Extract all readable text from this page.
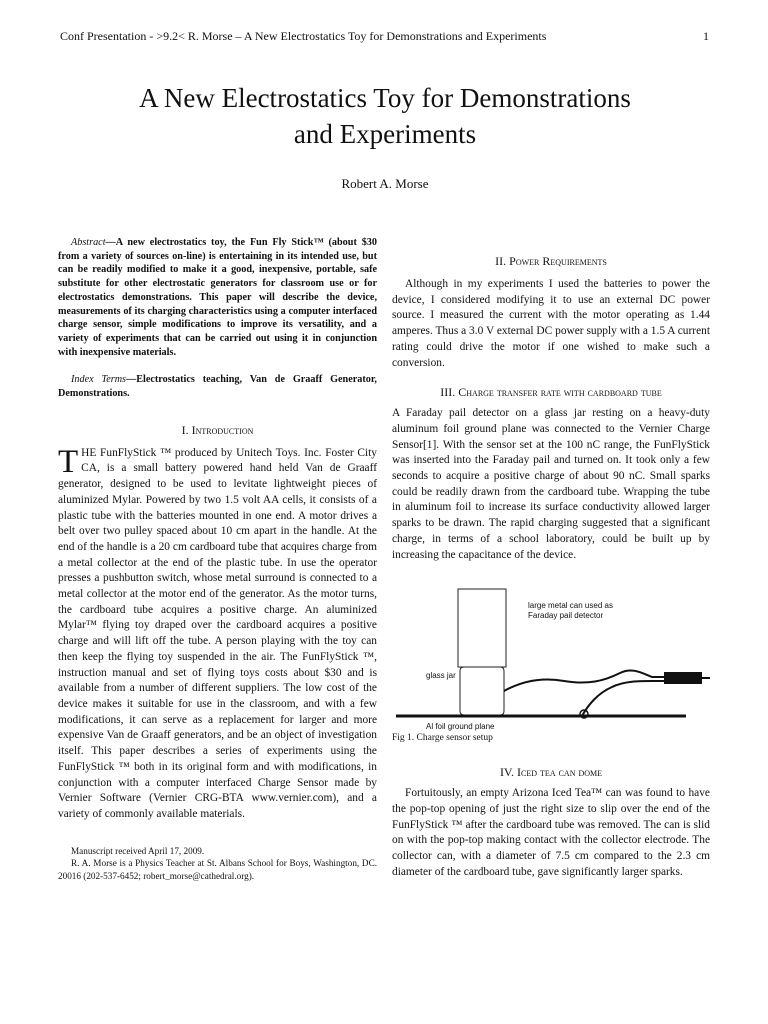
Conf Presentation - >9.2< R. Morse – A New Electrostatics Toy for Demonstrations and Experiments	1
A New Electrostatics Toy for Demonstrations
and Experiments
Robert A. Morse

Abstract—A new electrostatics toy, the Fun Fly Stick™ (about $30 from a variety of sources on-line) is entertaining in its intended use, but can be readily modified to make it a good, inexpensive, portable, safe substitute for other electrostatic generators for classroom use or for electrostatics demonstrations. This paper will describe the device, measurements of its charging characteristics using a computer interfaced charge sensor, simple modifications to improve its versatility, and a variety of experiments that can be carried out using it in conjunction with inexpensive materials.

Index Terms—Electrostatics teaching, Van de Graaff Generator, Demonstrations.

I. Introduction

THE FunFlyStick ™ produced by Unitech Toys. Inc. Foster City CA, is a small battery powered hand held Van de Graaff generator, designed to be used to levitate lightweight pieces of aluminized Mylar. Powered by two 1.5 volt AA cells, it consists of a plastic tube with the batteries mounted in one end. A motor drives a belt over two pulley spaced about 10 cm apart in the handle. At the end of the handle is a 20 cm cardboard tube that acquires charge from a metal collector at the end of the plastic tube. In use the operator presses a pushbutton switch, whose metal surround is connected to a metal collector at the motor end of the generator. As the motor turns, the cardboard tube acquires a positive charge. An aluminized Mylar™ flying toy draped over the cardboard acquires a positive charge and will lift off the tube. A person playing with the toy can then keep the flying toy suspended in the air. The FunFlyStick ™, instruction manual and set of flying toys costs about $30 and is available from a number of different suppliers. The low cost of the device makes it suitable for use in the classroom, and with a few modifications, it can serve as a replacement for larger and more expensive Van de Graaff generators, and be an object of investigation itself. This paper describes a series of experiments using the FunFlyStick ™ both in its original form and with modifications, in conjunction with a computer interfaced Charge Sensor made by Vernier Software (Vernier CRG-BTA www.vernier.com), and a variety of commonly available materials.

Manuscript received April 17, 2009.

R. A. Morse is a Physics Teacher at St. Albans School for Boys, Washington, DC. 20016 (202-537-6452; robert_morse@cathedral.org).

II. Power Requirements

Although in my experiments I used the batteries to power the device, I considered modifying it to use an external DC power source. I measured the current with the motor operating as 1.44 amperes. Thus a 3.0 V external DC power supply with a 1.5 A current rating could drive the motor if one wished to make such a conversion.

III. Charge transfer rate with cardboard tube

A Faraday pail detector on a glass jar resting on a heavy-duty aluminum foil ground plane was connected to the Vernier Charge Sensor[1]. With the sensor set at the 100 nC range, the FunFlyStick was inserted into the Faraday pail and turned on. It took only a few seconds to acquire a positive charge of about 90 nC. Small sparks could be readily drawn from the cardboard tube. Wrapping the tube in aluminum foil to increase its surface conductivity allowed larger sparks to be drawn. The rapid charging suggested that a significant charge, in terms of a school laboratory, could be built up by increasing the capacitance of the device.

large metal can used as
Faraday pail detector
glass jar
Al foil ground plane
Fig 1. Charge sensor setup
IV. Iced tea can dome

Fortuitously, an empty Arizona Iced Tea™ can was found to have the pop-top opening of just the right size to slip over the end of the FunFlyStick ™ after the cardboard tube was removed. The can is slid on with the pop-top making contact with the collector electrode. The collector can, with a diameter of 7.5 cm compared to the 2.3 cm diameter of the cardboard tube, gave significantly larger sparks.
